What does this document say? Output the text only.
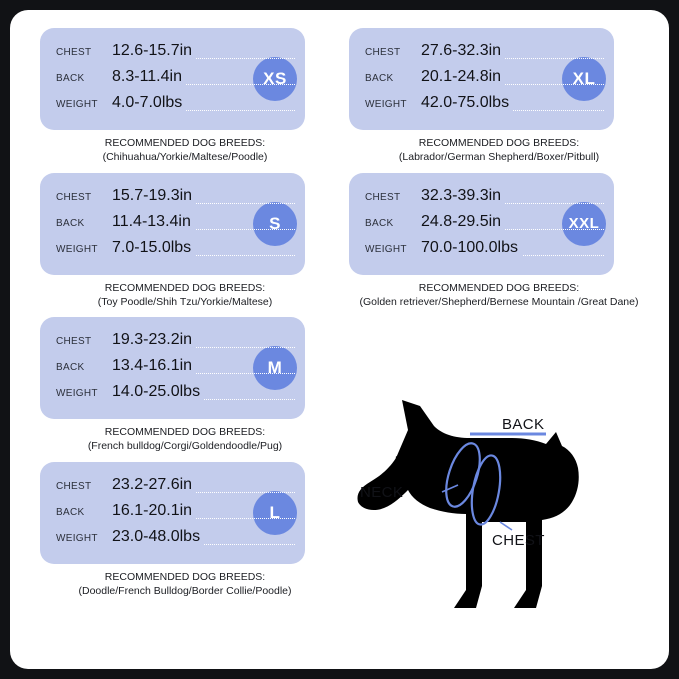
CHEST	12.6-15.7in
BACK	8.3-11.4in
WEIGHT 4.0-7.0lbs
XS
RECOMMENDED DOG BREEDS:
(Chihuahua/Yorkie/Maltese/Poodle)
CHEST	15.7-19.3in
BACK	11.4-13.4in
WEIGHT 7.0-15.0lbs
S
RECOMMENDED DOG BREEDS:
(Toy Poodle/Shih Tzu/Yorkie/Maltese)
CHEST	19.3-23.2in
BACK	13.4-16.1in
WEIGHT 14.0-25.0lbs
M
RECOMMENDED DOG BREEDS:
(French bulldog/Corgi/Goldendoodle/Pug)
CHEST	23.2-27.6in
BACK	16.1-20.1in
WEIGHT 23.0-48.0lbs
L
RECOMMENDED DOG BREEDS:
(Doodle/French Bulldog/Border Collie/Poodle)
CHEST	27.6-32.3in
BACK	20.1-24.8in
WEIGHT 42.0-75.0lbs
XL
RECOMMENDED DOG BREEDS:
(Labrador/German Shepherd/Boxer/Pitbull)
CHEST	32.3-39.3in
BACK	24.8-29.5in
WEIGHT 70.0-100.0lbs
XXL
RECOMMENDED DOG BREEDS:
(Golden retriever/Shepherd/Bernese Mountain /Great Dane)
BACK
NECK
CHEST
